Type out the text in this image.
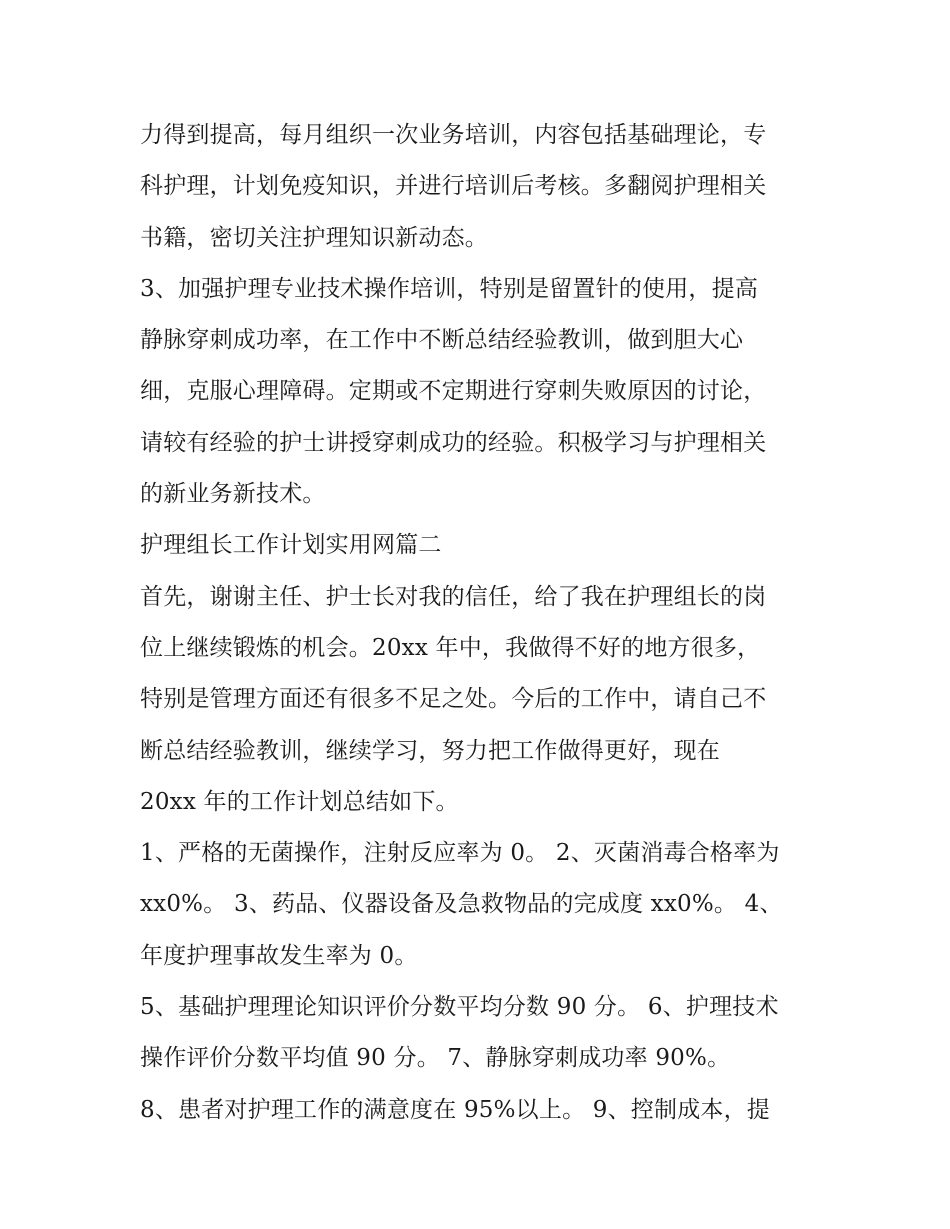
力得到提高，每月组织一次业务培训，内容包括基础理论，专
科护理，计划免疫知识，并进行培训后考核。多翻阅护理相关
书籍，密切关注护理知识新动态。
3、加强护理专业技术操作培训，特别是留置针的使用，提高
静脉穿刺成功率，在工作中不断总结经验教训，做到胆大心
细，克服心理障碍。定期或不定期进行穿刺失败原因的讨论，
请较有经验的护士讲授穿刺成功的经验。积极学习与护理相关
的新业务新技术。
护理组长工作计划实用网篇二
首先，谢谢主任、护士长对我的信任，给了我在护理组长的岗
位上继续锻炼的机会。20xx 年中，我做得不好的地方很多，
特别是管理方面还有很多不足之处。今后的工作中，请自己不
断总结经验教训，继续学习，努力把工作做得更好，现在
20xx 年的工作计划总结如下。
1、严格的无菌操作，注射反应率为 0。 2、灭菌消毒合格率为
xx0%。 3、药品、仪器设备及急救物品的完成度 xx0%。 4、
年度护理事故发生率为 0。
5、基础护理理论知识评价分数平均分数 90 分。 6、护理技术
操作评价分数平均值 90 分。 7、静脉穿刺成功率 90%。
8、患者对护理工作的满意度在 95%以上。 9、控制成本，提
